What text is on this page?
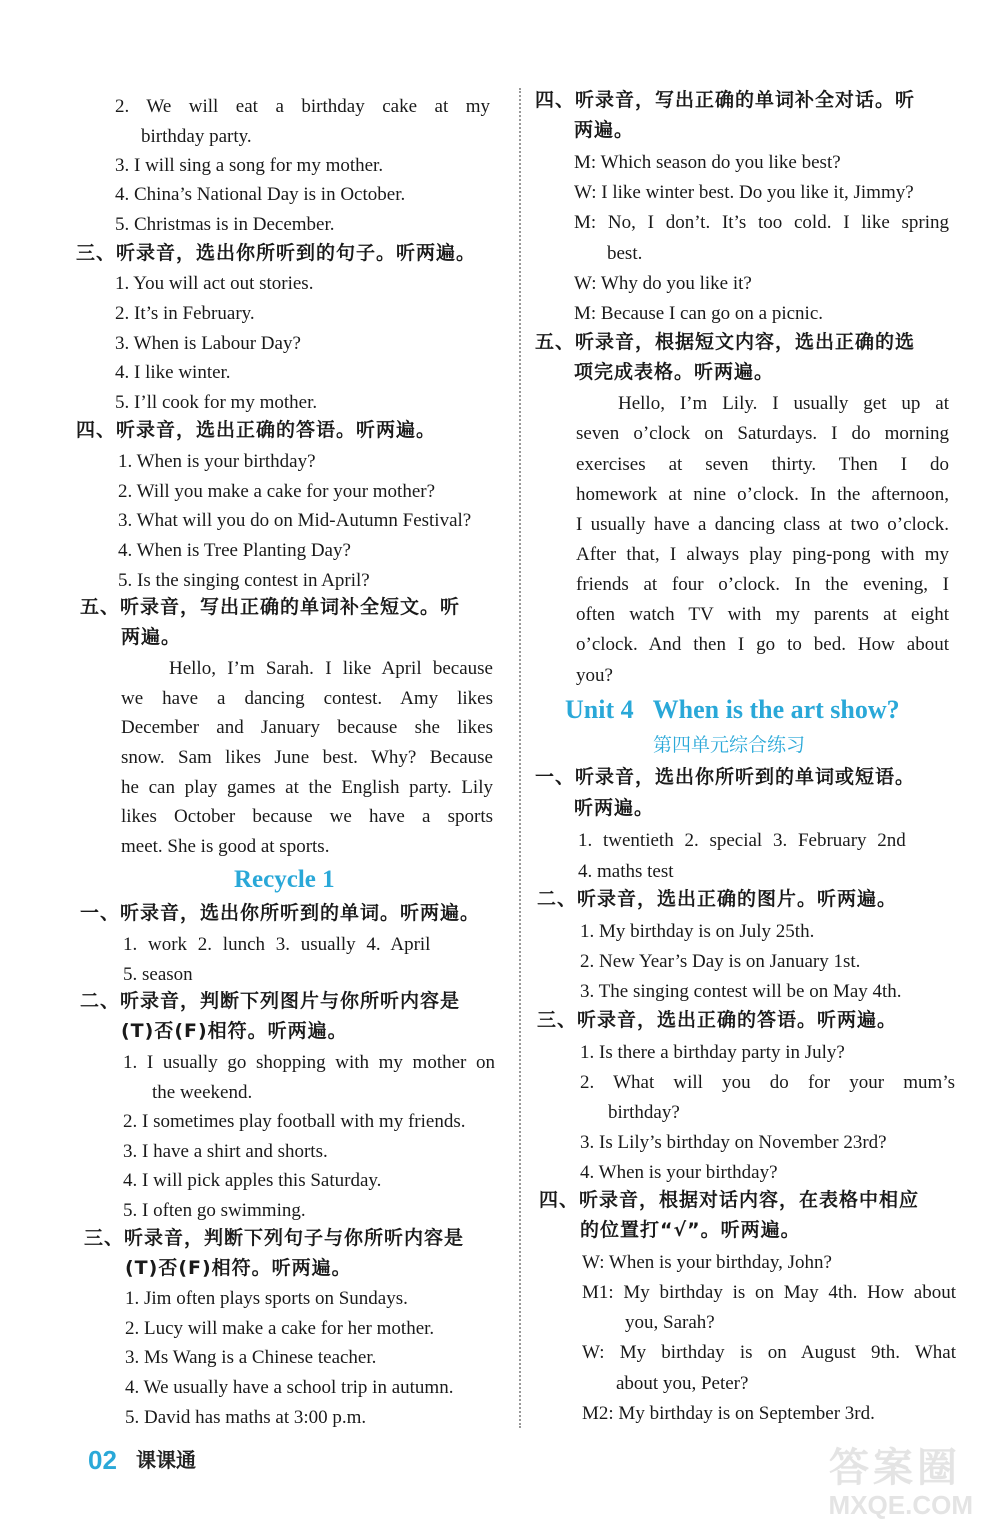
2. We will eat a birthday cake at my
birthday party.
3. I will sing a song for my mother.
4. China’s National Day is in October.
5. Christmas is in December.
三、听录音，选出你所听到的句子。听两遍。
1. You will act out stories.
2. It’s in February.
3. When is Labour Day?
4. I like winter.
5. I’ll cook for my mother.
四、听录音，选出正确的答语。听两遍。
1. When is your birthday?
2. Will you make a cake for your mother?
3. What will you do on Mid-Autumn Festival?
4. When is Tree Planting Day?
5. Is the singing contest in April?
五、听录音，写出正确的单词补全短文。听
两遍。
Hello, I’m Sarah. I like April because
we have a dancing contest. Amy likes
December and January because she likes
snow. Sam likes June best. Why? Because
he can play games at the English party. Lily
likes October because we have a sports
meet. She is good at sports.
Recycle 1
一、听录音，选出你所听到的单词。听两遍。
1. work 2. lunch 3. usually 4. April
5. season
二、听录音，判断下列图片与你所听内容是
(T)否(F)相符。听两遍。
1. I usually go shopping with my mother on
the weekend.
2. I sometimes play football with my friends.
3. I have a shirt and shorts.
4. I will pick apples this Saturday.
5. I often go swimming.
三、听录音，判断下列句子与你所听内容是
(T)否(F)相符。听两遍。
1. Jim often plays sports on Sundays.
2. Lucy will make a cake for her mother.
3. Ms Wang is a Chinese teacher.
4. We usually have a school trip in autumn.
5. David has maths at 3:00 p.m.
四、听录音，写出正确的单词补全对话。听
两遍。
M: Which season do you like best?
W: I like winter best. Do you like it, Jimmy?
M: No, I don’t. It’s too cold. I like spring
best.
W: Why do you like it?
M: Because I can go on a picnic.
五、听录音，根据短文内容，选出正确的选
项完成表格。听两遍。
Hello, I’m Lily. I usually get up at
seven o’clock on Saturdays. I do morning
exercises at seven thirty. Then I do
homework at nine o’clock. In the afternoon,
I usually have a dancing class at two o’clock.
After that, I always play ping-pong with my
friends at four o’clock. In the evening, I
often watch TV with my parents at eight
o’clock. And then I go to bed. How about
you?
Unit 4   When is the art show?
第四单元综合练习
一、听录音，选出你所听到的单词或短语。
听两遍。
1. twentieth 2. special 3. February 2nd
4. maths test
二、听录音，选出正确的图片。听两遍。
1. My birthday is on July 25th.
2. New Year’s Day is on January 1st.
3. The singing contest will be on May 4th.
三、听录音，选出正确的答语。听两遍。
1. Is there a birthday party in July?
2. What will you do for your mum’s
birthday?
3. Is Lily’s birthday on November 23rd?
4. When is your birthday?
四、听录音，根据对话内容，在表格中相应
的位置打“√”。听两遍。
W: When is your birthday, John?
M1: My birthday is on May 4th. How about
you, Sarah?
W: My birthday is on August 9th. What
about you, Peter?
M2: My birthday is on September 3rd.
02 课课通	答案圈
MXQE.COM
